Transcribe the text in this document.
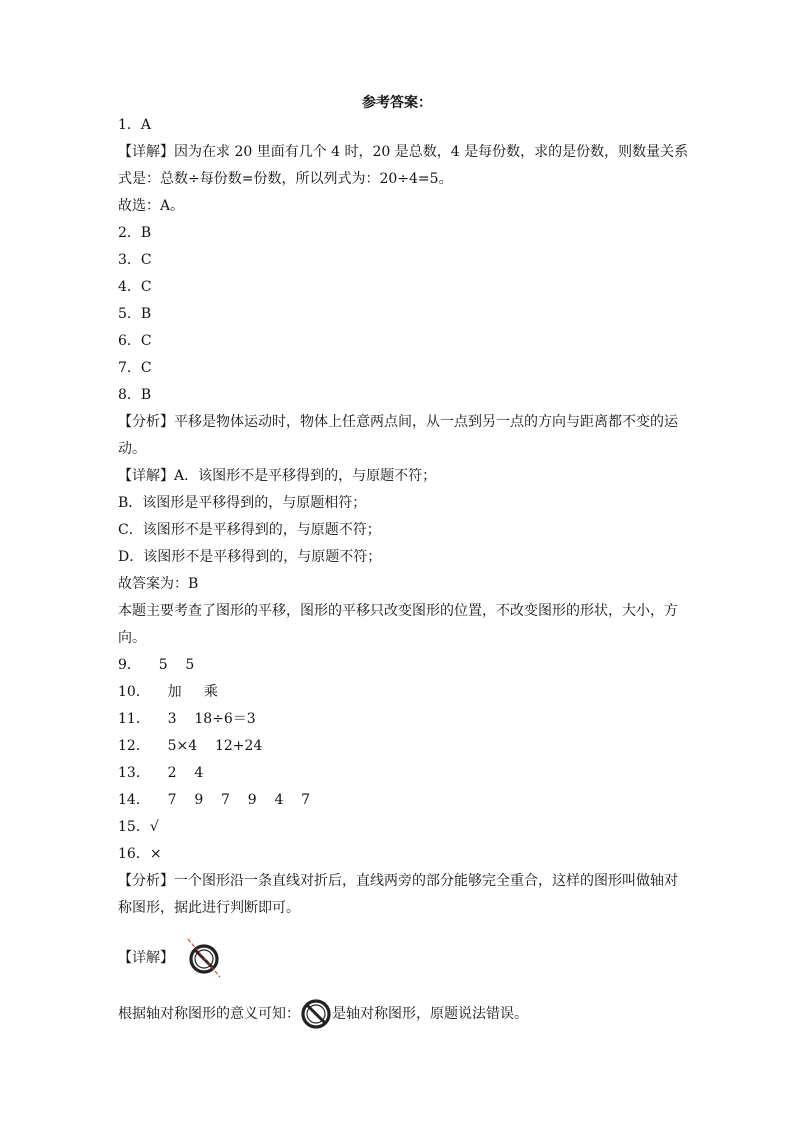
参考答案：
1．A
【详解】因为在求 20 里面有几个 4 时，20 是总数，4 是每份数，求的是份数，则数量关系
式是：总数÷每份数=份数，所以列式为：20÷4=5。
故选：A。
2．B
3．C
4．C
5．B
6．C
7．C
8．B
【分析】平移是物体运动时，物体上任意两点间，从一点到另一点的方向与距离都不变的运
动。
【详解】A．该图形不是平移得到的，与原题不符；
B．该图形是平移得到的，与原题相符；
C．该图形不是平移得到的，与原题不符；
D．该图形不是平移得到的，与原题不符；
故答案为：B
本题主要考查了图形的平移，图形的平移只改变图形的位置，不改变图形的形状，大小，方
向。
9．    5    5
10．    加     乘
11．    3    18÷6＝3
12．    5×4    12+24
13．    2    4
14．    7    9    7    9    4    7
15．√
16．×
【分析】一个图形沿一条直线对折后，直线两旁的部分能够完全重合，这样的图形叫做轴对
称图形，据此进行判断即可。
【详解】
根据轴对称图形的意义可知： 是轴对称图形，原题说法错误。
